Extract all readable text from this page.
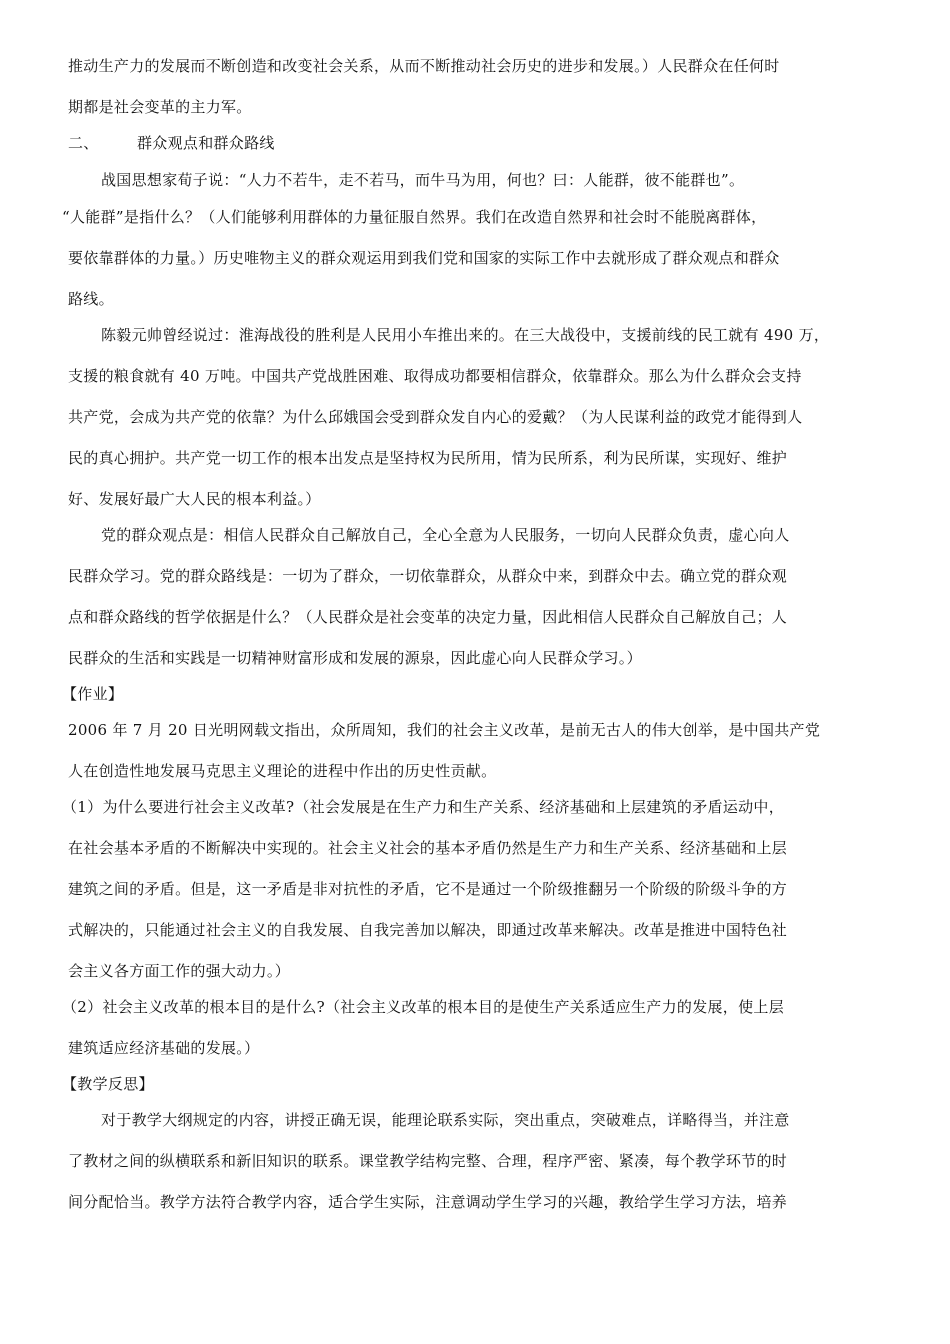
推动生产力的发展而不断创造和改变社会关系，从而不断推动社会历史的进步和发展。）人民群众在任何时
期都是社会变革的主力军。
二、　　　群众观点和群众路线
战国思想家荀子说：“人力不若牛，走不若马，而牛马为用，何也？曰：人能群，彼不能群也”。
“人能群”是指什么？（人们能够利用群体的力量征服自然界。我们在改造自然界和社会时不能脱离群体，
要依靠群体的力量。）历史唯物主义的群众观运用到我们党和国家的实际工作中去就形成了群众观点和群众
路线。
陈毅元帅曾经说过：淮海战役的胜利是人民用小车推出来的。在三大战役中，支援前线的民工就有 490 万，
支援的粮食就有 40 万吨。中国共产党战胜困难、取得成功都要相信群众，依靠群众。那么为什么群众会支持
共产党，会成为共产党的依靠？为什么邱娥国会受到群众发自内心的爱戴？（为人民谋利益的政党才能得到人
民的真心拥护。共产党一切工作的根本出发点是坚持权为民所用，情为民所系，利为民所谋，实现好、维护
好、发展好最广大人民的根本利益。）
党的群众观点是：相信人民群众自己解放自己，全心全意为人民服务，一切向人民群众负责，虚心向人
民群众学习。党的群众路线是：一切为了群众，一切依靠群众，从群众中来，到群众中去。确立党的群众观
点和群众路线的哲学依据是什么？（人民群众是社会变革的决定力量，因此相信人民群众自己解放自己；人
民群众的生活和实践是一切精神财富形成和发展的源泉，因此虚心向人民群众学习。）
【作业】
2006 年 7 月 20 日光明网载文指出，众所周知，我们的社会主义改革，是前无古人的伟大创举，是中国共产党
人在创造性地发展马克思主义理论的进程中作出的历史性贡献。
（1）为什么要进行社会主义改革?（社会发展是在生产力和生产关系、经济基础和上层建筑的矛盾运动中，
在社会基本矛盾的不断解决中实现的。社会主义社会的基本矛盾仍然是生产力和生产关系、经济基础和上层
建筑之间的矛盾。但是，这一矛盾是非对抗性的矛盾，它不是通过一个阶级推翻另一个阶级的阶级斗争的方
式解决的，只能通过社会主义的自我发展、自我完善加以解决，即通过改革来解决。改革是推进中国特色社
会主义各方面工作的强大动力。）
（2）社会主义改革的根本目的是什么?（社会主义改革的根本目的是使生产关系适应生产力的发展，使上层
建筑适应经济基础的发展。）
【教学反思】
对于教学大纲规定的内容，讲授正确无误，能理论联系实际，突出重点，突破难点，详略得当，并注意
了教材之间的纵横联系和新旧知识的联系。课堂教学结构完整、合理，程序严密、紧凑，每个教学环节的时
间分配恰当。教学方法符合教学内容，适合学生实际，注意调动学生学习的兴趣，教给学生学习方法，培养
